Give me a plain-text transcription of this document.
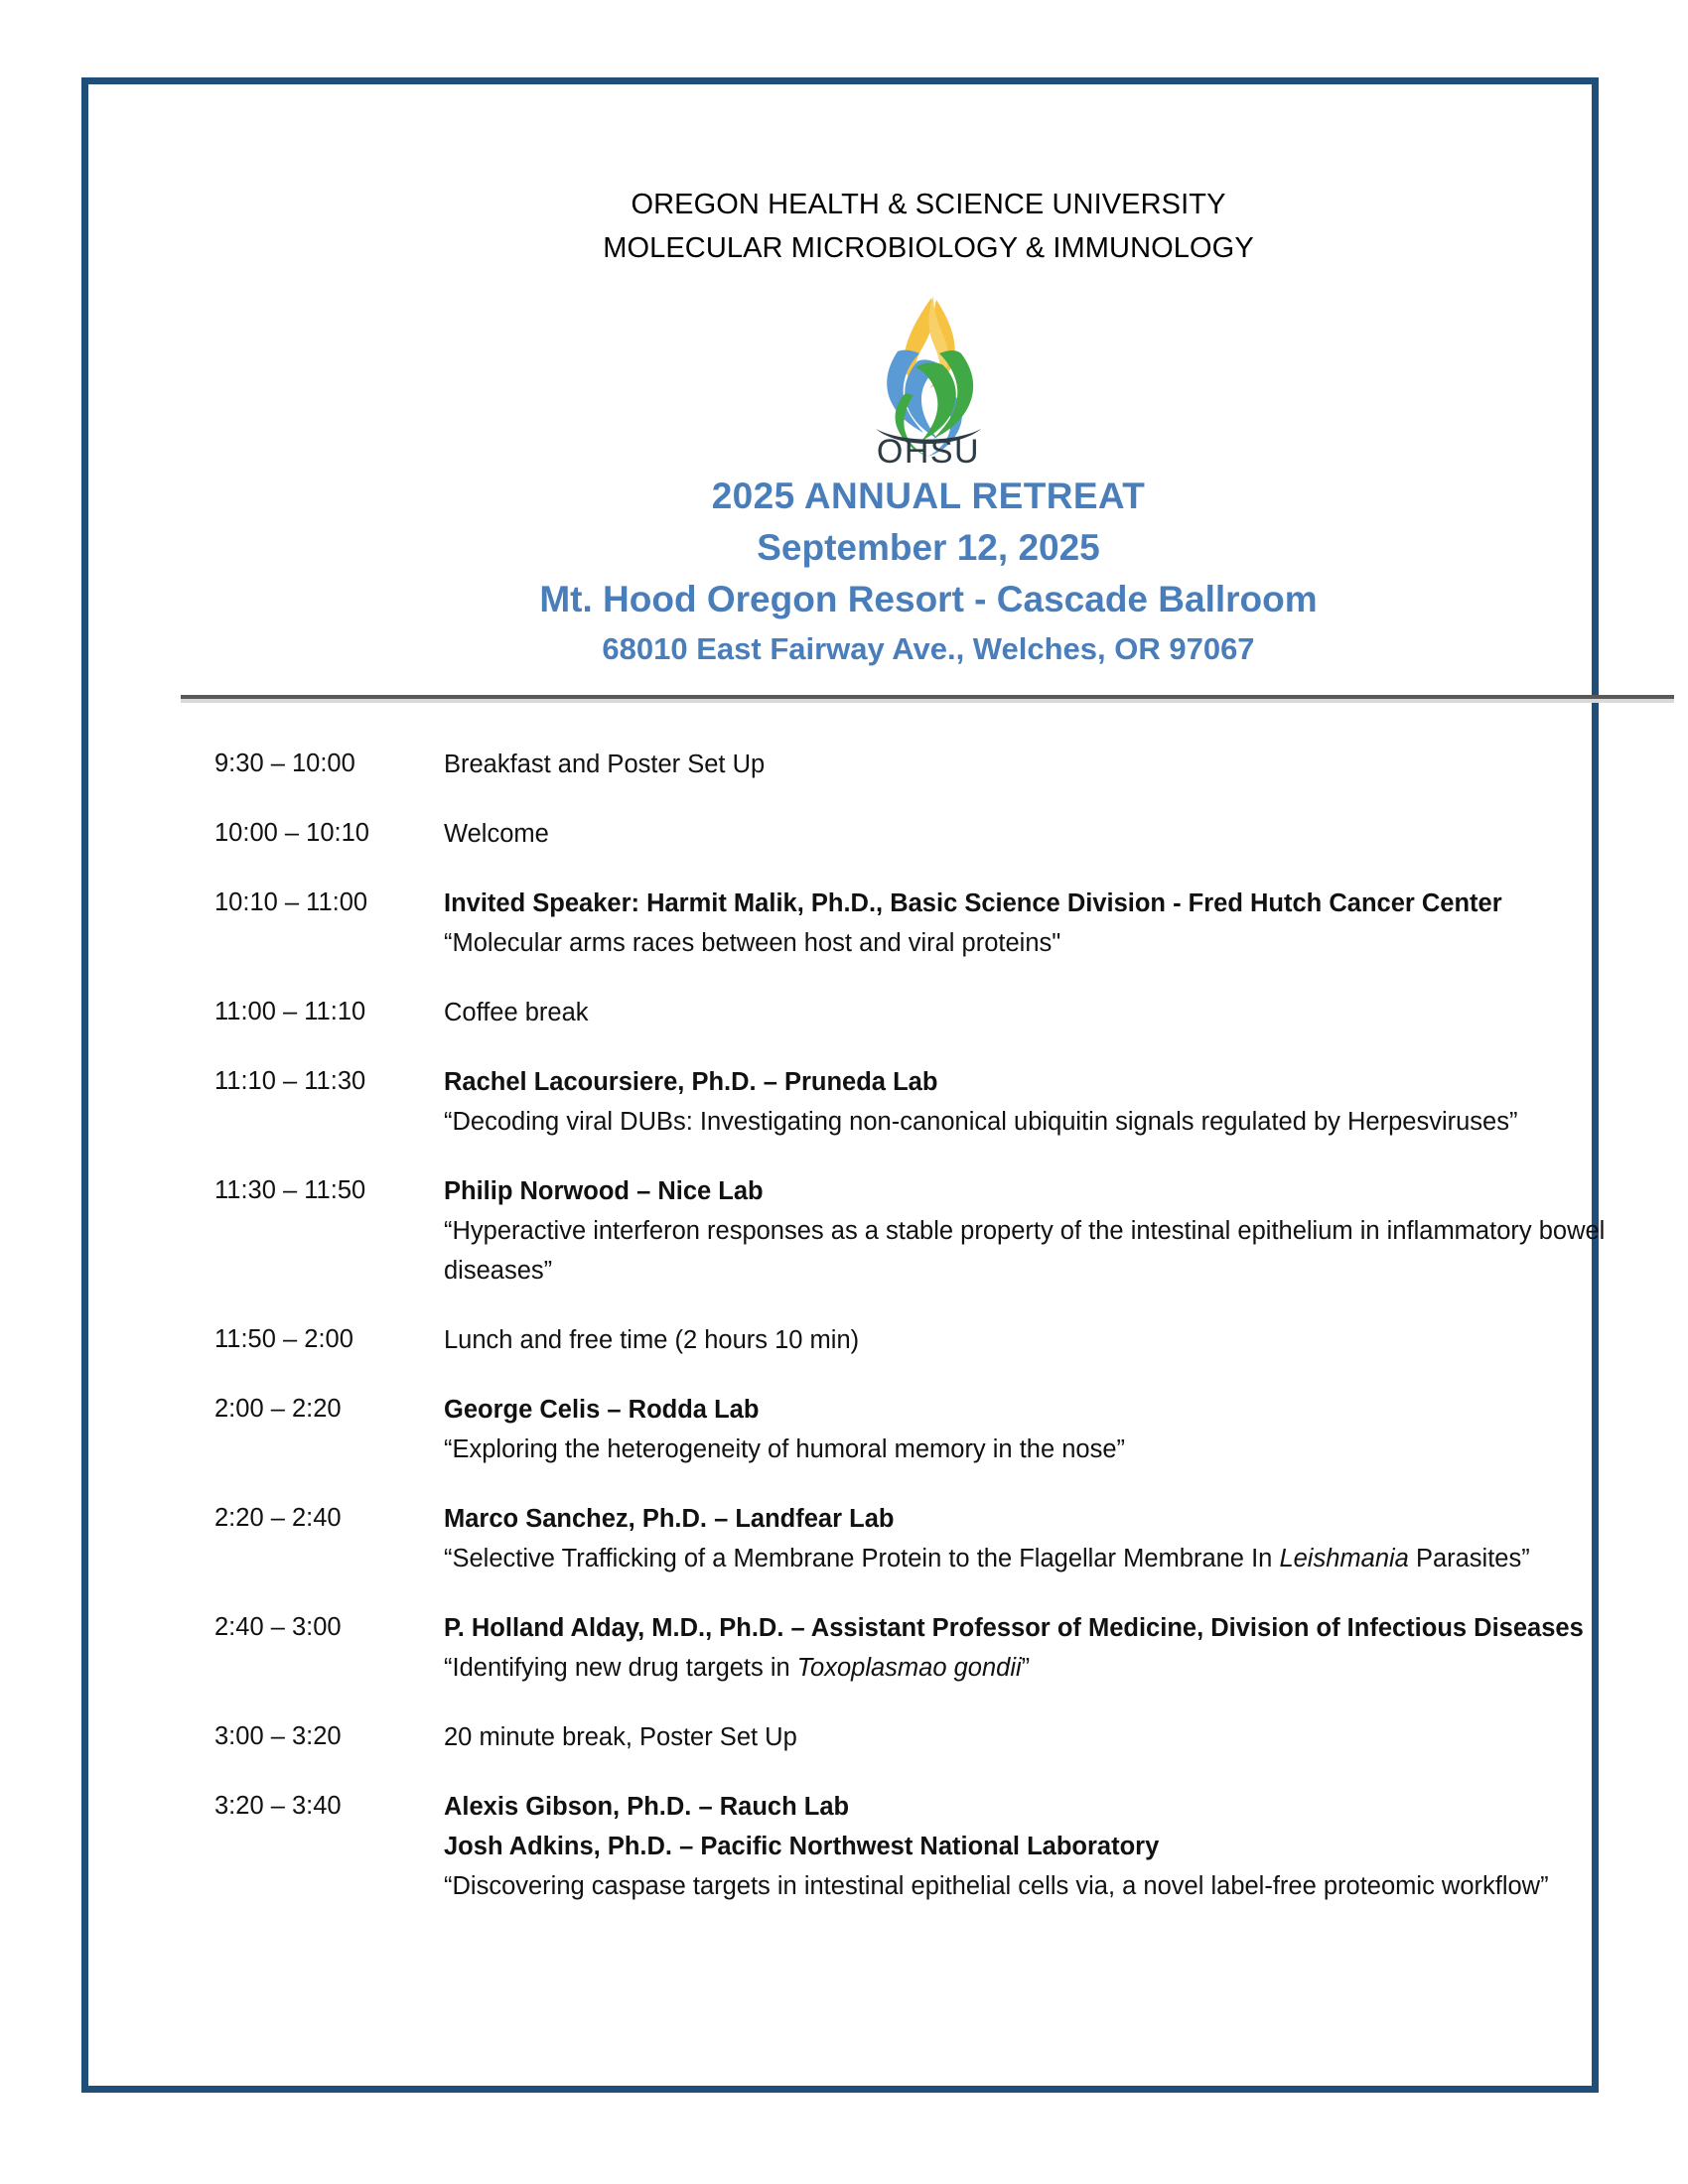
OREGON HEALTH & SCIENCE UNIVERSITY
MOLECULAR MICROBIOLOGY & IMMUNOLOGY
OHSU
2025 ANNUAL RETREAT
September 12, 2025
Mt. Hood Oregon Resort - Cascade Ballroom
68010 East Fairway Ave., Welches, OR 97067
9:30 – 10:00	Breakfast and Poster Set Up
10:00 – 10:10	Welcome
10:10 – 11:00	Invited Speaker: Harmit Malik, Ph.D., Basic Science Division - Fred Hutch Cancer Center
“Molecular arms races between host and viral proteins"
11:00 – 11:10	Coffee break
11:10 – 11:30	Rachel Lacoursiere, Ph.D. – Pruneda Lab
“Decoding viral DUBs: Investigating non-canonical ubiquitin signals regulated by Herpesviruses”
11:30 – 11:50	Philip Norwood – Nice Lab
“Hyperactive interferon responses as a stable property of the intestinal epithelium in inflammatory bowel diseases”
11:50 – 2:00	Lunch and free time (2 hours 10 min)
2:00 – 2:20	George Celis – Rodda Lab
“Exploring the heterogeneity of humoral memory in the nose”
2:20 – 2:40	Marco Sanchez, Ph.D. – Landfear Lab
“Selective Trafficking of a Membrane Protein to the Flagellar Membrane In Leishmania Parasites”
2:40 – 3:00	P. Holland Alday, M.D., Ph.D. – Assistant Professor of Medicine, Division of Infectious Diseases
“Identifying new drug targets in Toxoplasmao gondii”
3:00 – 3:20	20 minute break, Poster Set Up
3:20 – 3:40	Alexis Gibson, Ph.D. – Rauch Lab
Josh Adkins, Ph.D. – Pacific Northwest National Laboratory
“Discovering caspase targets in intestinal epithelial cells via, a novel label-free proteomic workflow”
